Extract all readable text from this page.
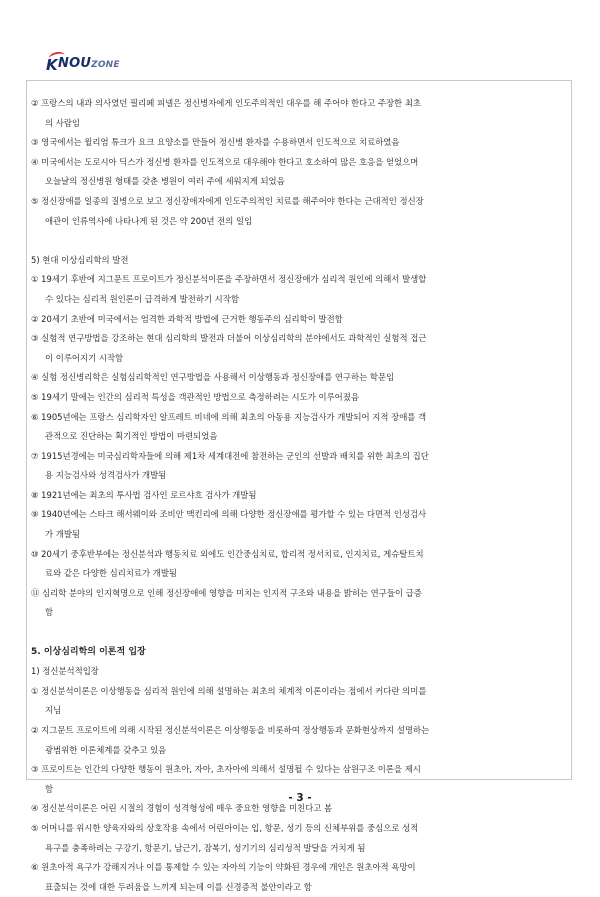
K NOUZONE
② 프랑스의 내과 의사였던 필리페 피넬은 정신병자에게 인도주의적인 대우를 해 주어야 한다고 주장한 최초
의 사람임
③ 영국에서는 윌리엄 튜크가 요크 요양소를 만들어 정신병 환자를 수용하면서 인도적으로 치료하였음
④ 미국에서는 도로시아 딕스가 정신병 환자를 인도적으로 대우해야 한다고 호소하여 많은 호응을 얻었으며
오늘날의 정신병원 형태를 갖춘 병원이 여러 주에 세워지게 되었음
⑤ 정신장애를 일종의 질병으로 보고 정신장애자에게 인도주의적인 치료를 해주어야 한다는 근대적인 정신장
애관이 인류역사에 나타나게 된 것은 약 200년 전의 일임
5) 현대 이상심리학의 발전
① 19세기 후반에 지그문트 프로이트가 정신분석이론을 주장하면서 정신장애가 심리적 원인에 의해서 발생할
수 있다는 심리적 원인론이 급격하게 발전하기 시작함
② 20세기 초반에 미국에서는 엄격한 과학적 방법에 근거한 행동주의 심리학이 발전함
③ 실험적 연구방법을 강조하는 현대 심리학의 발전과 더불어 이상심리학의 분야에서도 과학적인 실험적 접근
이 이루어지기 시작함
④ 실험 정신병리학은 실험심리학적인 연구방법을 사용해서 이상행동과 정신장애를 연구하는 학문임
⑤ 19세기 말에는 인간의 심리적 특성을 객관적인 방법으로 측정하려는 시도가 이루어졌음
⑥ 1905년에는 프랑스 심리학자인 알프레트 비네에 의해 최초의 아동용 지능검사가 개발되어 지적 장애를 객
관적으로 진단하는 획기적인 방법이 마련되었음
⑦ 1915년경에는 미국심리학자들에 의해 제1차 세계대전에 참전하는 군인의 선발과 배치를 위한 최초의 집단
용 지능검사와 성격검사가 개발됨
⑧ 1921년에는 최초의 투사법 검사인 로르샤흐 검사가 개발됨
⑨ 1940년에는 스타크 해서웨이와 조비안 맥킨리에 의해 다양한 정신장애를 평가할 수 있는 다면적 인성검사
가 개발됨
⑩ 20세기 중후반부에는 정신분석과 행동치료 외에도 인간중심치료, 합리적 정서치료, 인지치료, 게슈탈트치
료와 같은 다양한 심리치료가 개발됨
⑪ 심리학 분야의 인지혁명으로 인해 정신장애에 영향을 미치는 인지적 구조와 내용을 밝히는 연구들이 급증
함
5. 이상심리학의 이론적 입장
1) 정신분석적입장
① 정신분석이론은 이상행동을 심리적 원인에 의해 설명하는 최초의 체계적 이론이라는 점에서 커다란 의미를
지님
② 지그문트 프로이트에 의해 시작된 정신분석이론은 이상행동을 비롯하여 정상행동과 문화현상까지 설명하는
광범위한 이론체계를 갖추고 있음
③ 프로이트는 인간의 다양한 행동이 원초아, 자아, 초자아에 의해서 설명될 수 있다는 삼원구조 이론을 제시
함
④ 정신분석이론은 어린 시절의 경험이 성격형성에 매우 중요한 영향을 미친다고 봄
⑤ 어머니를 위시한 양육자와의 상호작용 속에서 어린아이는 입, 항문, 성기 등의 신체부위를 중심으로 성적
욕구를 충족하려는 구강기, 항문기, 남근기, 잠복기, 성기기의 심리성적 발달을 거치게 됨
⑥ 원초아적 욕구가 강해지거나 이를 통제할 수 있는 자아의 기능이 약화된 경우에 개인은 원초아적 욕망이
표출되는 것에 대한 두려움을 느끼게 되는데 이를 신경증적 불안이라고 함
- 3 -
